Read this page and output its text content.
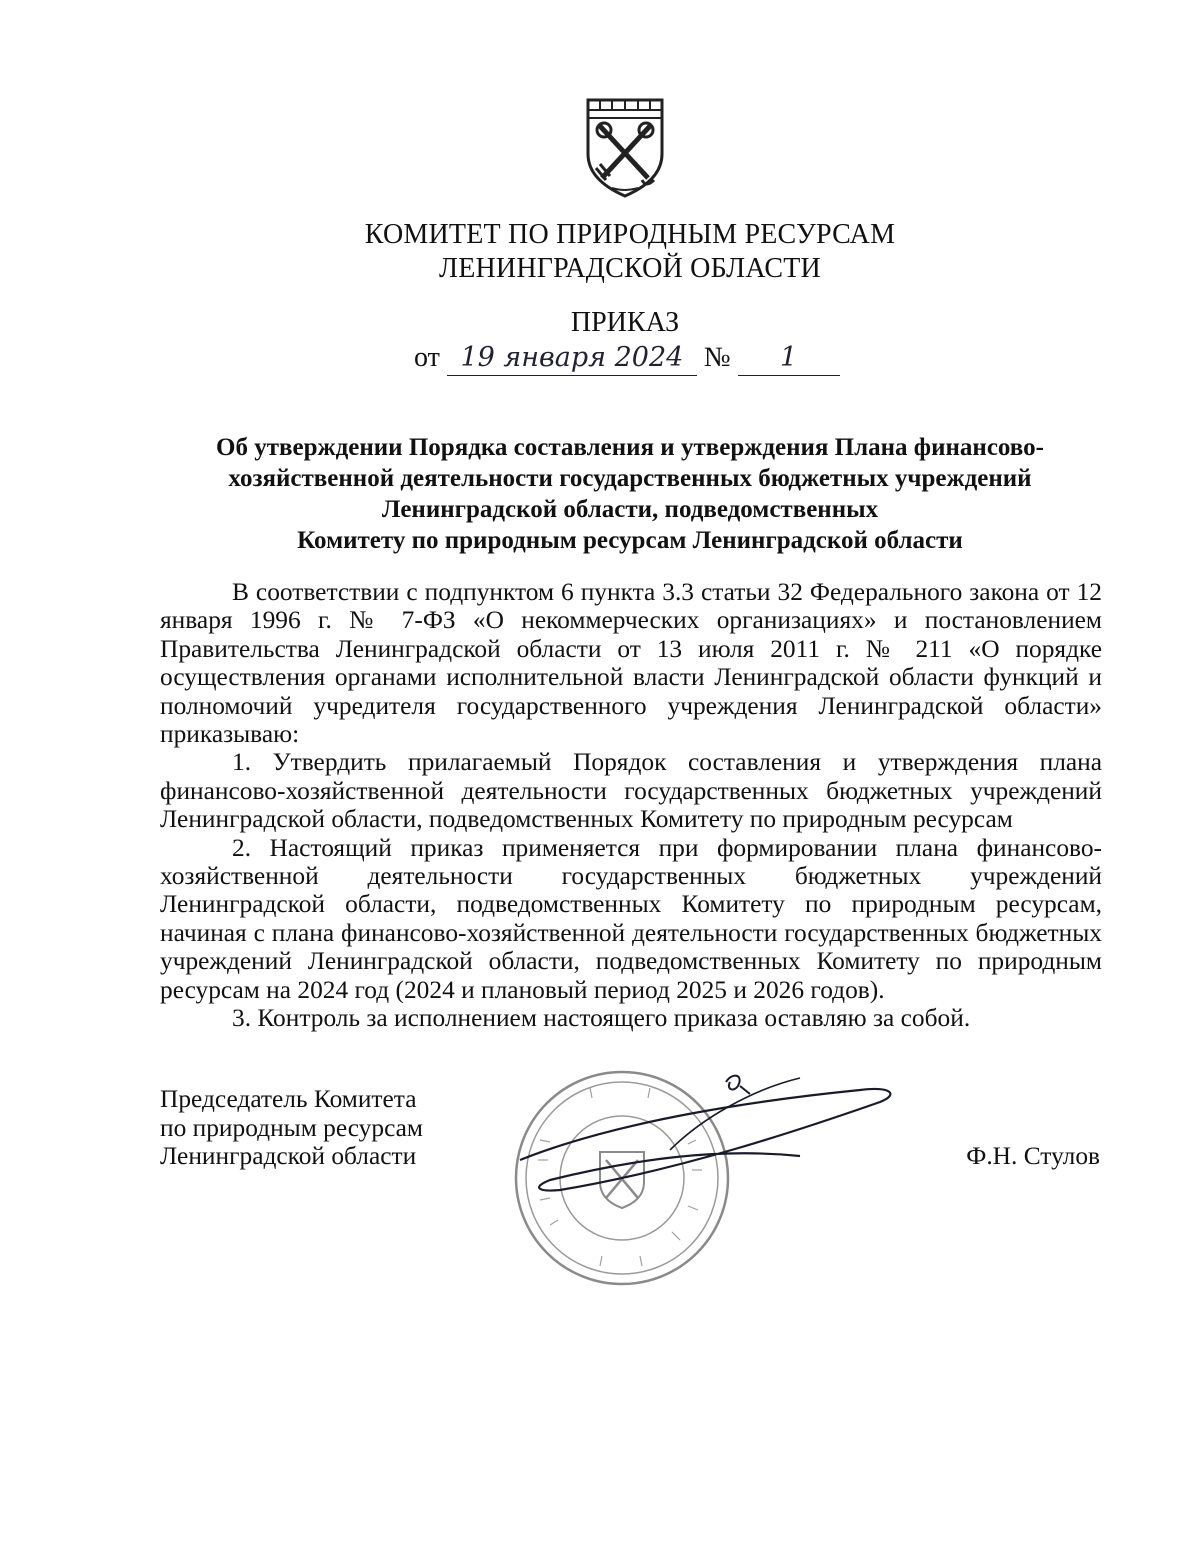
КОМИТЕТ ПО ПРИРОДНЫМ РЕСУРСАМ
ЛЕНИНГРАДСКОЙ ОБЛАСТИ
ПРИКАЗ
от 19 января 2024 № 1
Об утверждении Порядка составления и утверждения Плана финансово-
хозяйственной деятельности государственных бюджетных учреждений
Ленинградской области, подведомственных
Комитету по природным ресурсам Ленинградской области

В соответствии с подпунктом 6 пункта 3.3 статьи 32 Федерального закона от 12 января 1996 г. № 7-ФЗ «О некоммерческих организациях» и постановлением Правительства Ленинградской области от 13 июля 2011 г. № 211 «О порядке осуществления органами исполнительной власти Ленинградской области функций и полномочий учредителя государственного учреждения Ленинградской области» приказываю:

1. Утвердить прилагаемый Порядок составления и утверждения плана финансово-хозяйственной деятельности государственных бюджетных учреждений Ленинградской области, подведомственных Комитету по природным ресурсам

2. Настоящий приказ применяется при формировании плана финансово-хозяйственной деятельности государственных бюджетных учреждений Ленинградской области, подведомственных Комитету по природным ресурсам, начиная с плана финансово-хозяйственной деятельности государственных бюджетных учреждений Ленинградской области, подведомственных Комитету по природным ресурсам на 2024 год (2024 и плановый период 2025 и 2026 годов).

3. Контроль за исполнением настоящего приказа оставляю за собой.

Председатель Комитета
по природным ресурсам
Ленинградской области	Ф.Н. Стулов
